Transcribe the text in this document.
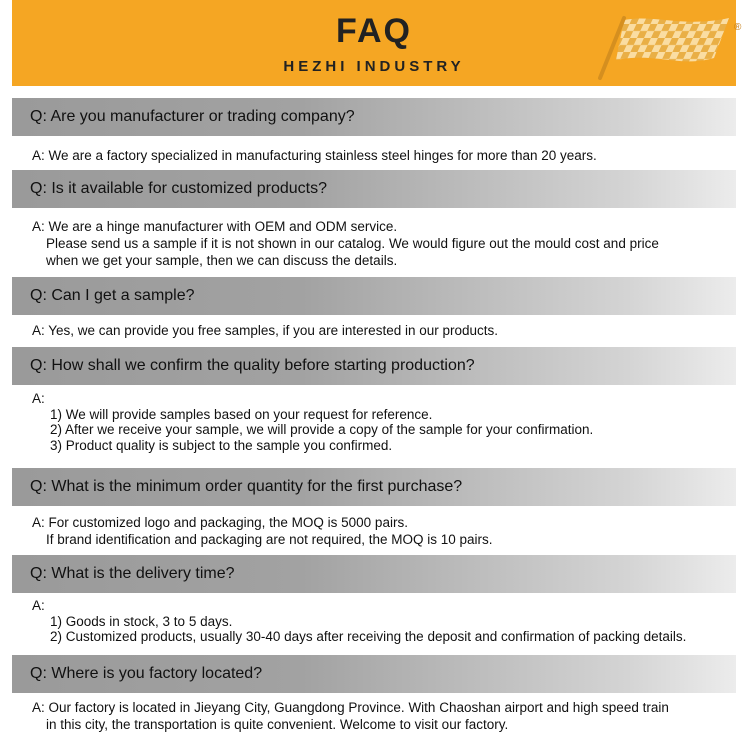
FAQ
HEZHI INDUSTRY
®
Q: Are you manufacturer or trading company?
A: We are a factory specialized in manufacturing stainless steel hinges for more than 20 years.
Q: Is it available for customized products?
A: We are a hinge manufacturer with OEM and ODM service.
Please send us a sample if it is not shown in our catalog. We would figure out the mould cost and price
when we get your sample, then we can discuss the details.
Q: Can I get a sample?
A: Yes, we can provide you free samples, if you are interested in our products.
Q: How shall we confirm the quality before starting production?
A:
1) We will provide samples based on your request for reference.
2) After we receive your sample, we will provide a copy of the sample for your confirmation.
3) Product quality is subject to the sample you confirmed.
Q: What is the minimum order quantity for the first purchase?
A: For customized logo and packaging, the MOQ is 5000 pairs.
If brand identification and packaging are not required, the MOQ is 10 pairs.
Q: What is the delivery time?
A:
1) Goods in stock, 3 to 5 days.
2) Customized products, usually 30-40 days after receiving the deposit and confirmation of packing details.
Q: Where is you factory located?
A: Our factory is located in Jieyang City, Guangdong Province. With Chaoshan airport and high speed train
in this city, the transportation is quite convenient. Welcome to visit our factory.
